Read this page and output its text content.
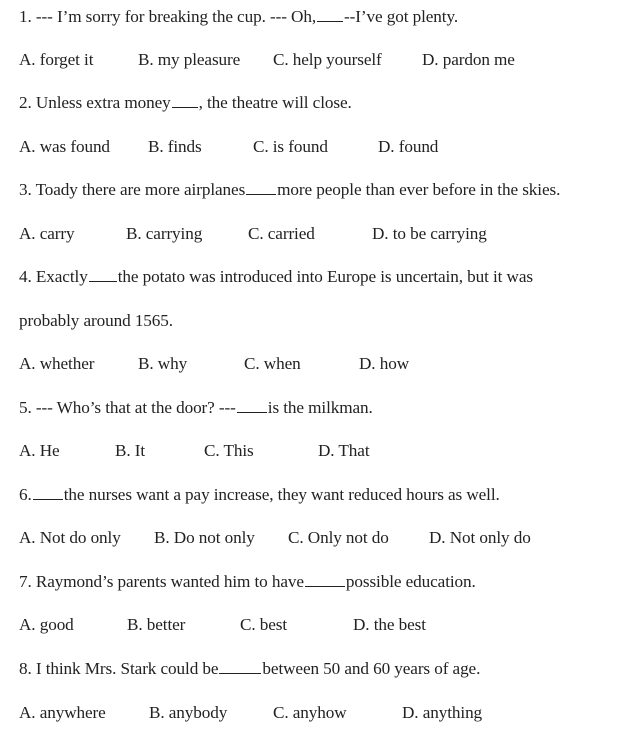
1. --- I’m sorry for breaking the cup. --- Oh, --I’ve got plenty.
A. forget it	B. my pleasure C. help yourself D. pardon me
2. Unless extra money , the theatre will close.
A. was found B. finds	C. is found	D. found
3. Toady there are more airplanes more people than ever before in the skies.
A. carry	B. carrying	C. carried	D. to be carrying
4. Exactly the potato was introduced into Europe is uncertain, but it was
probably around 1565.
A. whether	B. why	C. when	D. how
5. --- Who’s that at the door? --- is the milkman.
A. He	B. It	C. This	D. That
6. the nurses want a pay increase, they want reduced hours as well.
A. Not do only B. Do not only C. Only not do D. Not only do
7. Raymond’s parents wanted him to have possible education.
A. good	B. better	C. best	D. the best
8. I think Mrs. Stark could be	between 50 and 60 years of age.
A. anywhere	B. anybody	C. anyhow	D. anything
